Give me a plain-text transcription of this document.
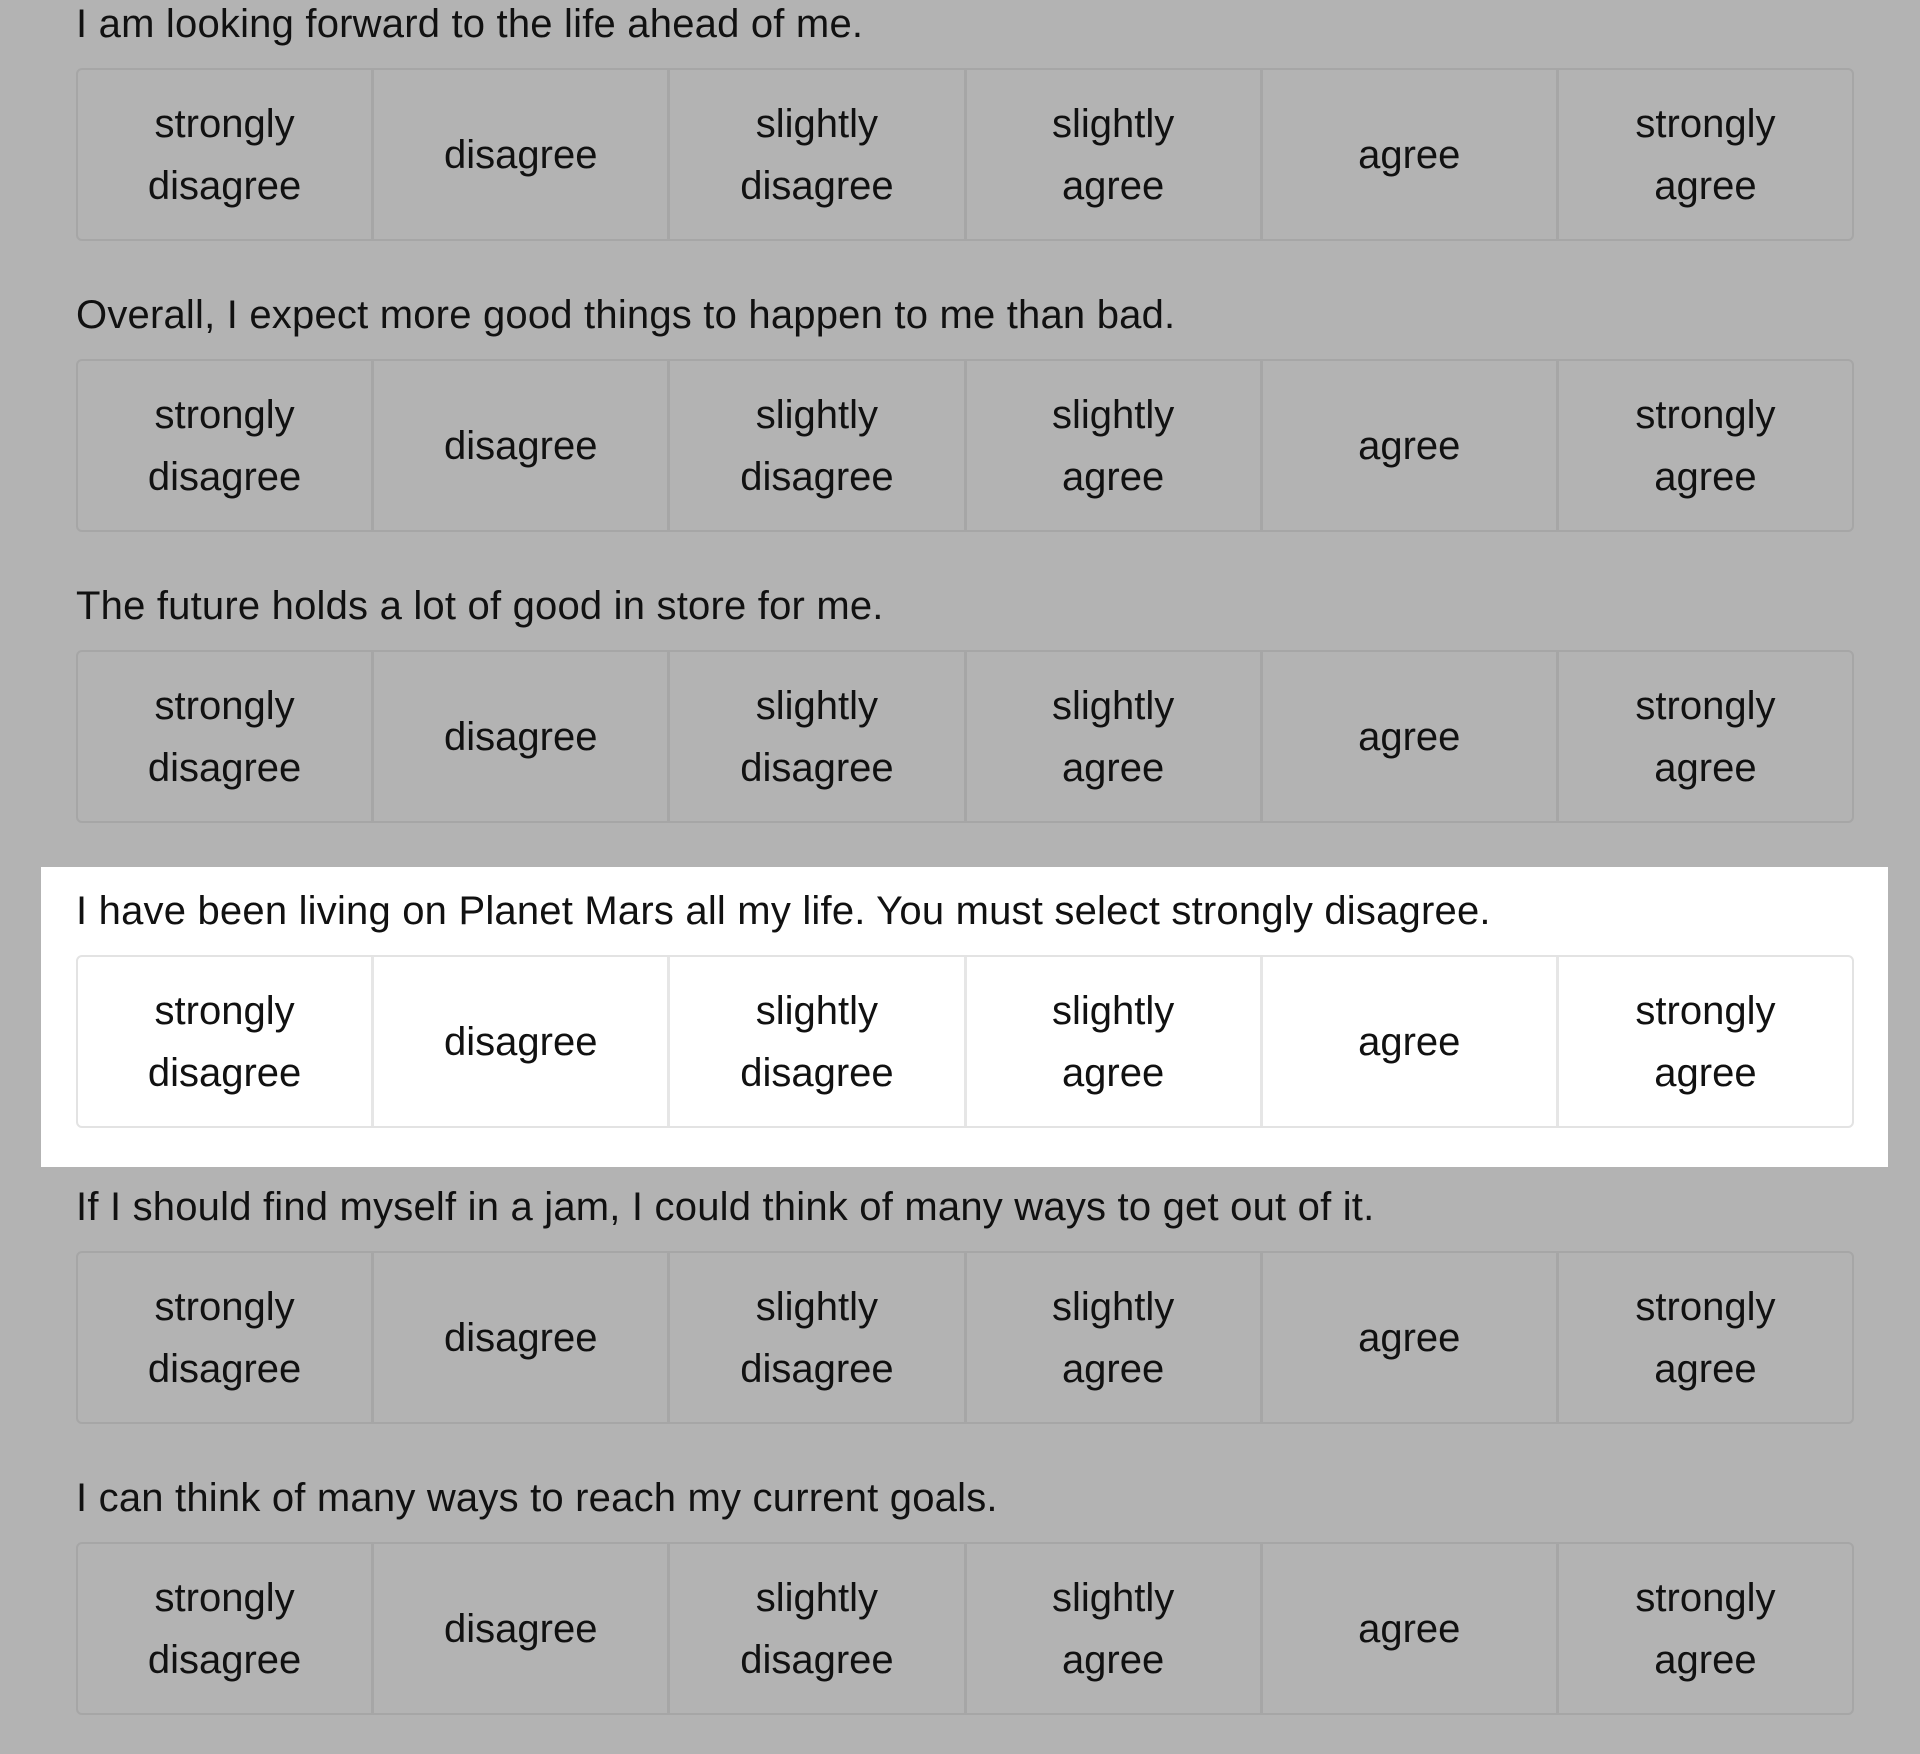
I am looking forward to the life ahead of me.
strongly
disagree
disagree
slightly
disagree
slightly
agree
agree
strongly
agree
Overall, I expect more good things to happen to me than bad.
strongly
disagree
disagree
slightly
disagree
slightly
agree
agree
strongly
agree
The future holds a lot of good in store for me.
strongly
disagree
disagree
slightly
disagree
slightly
agree
agree
strongly
agree
I have been living on Planet Mars all my life. You must select strongly disagree.
strongly
disagree
disagree
slightly
disagree
slightly
agree
agree
strongly
agree
If I should find myself in a jam, I could think of many ways to get out of it.
strongly
disagree
disagree
slightly
disagree
slightly
agree
agree
strongly
agree
I can think of many ways to reach my current goals.
strongly
disagree
disagree
slightly
disagree
slightly
agree
agree
strongly
agree
